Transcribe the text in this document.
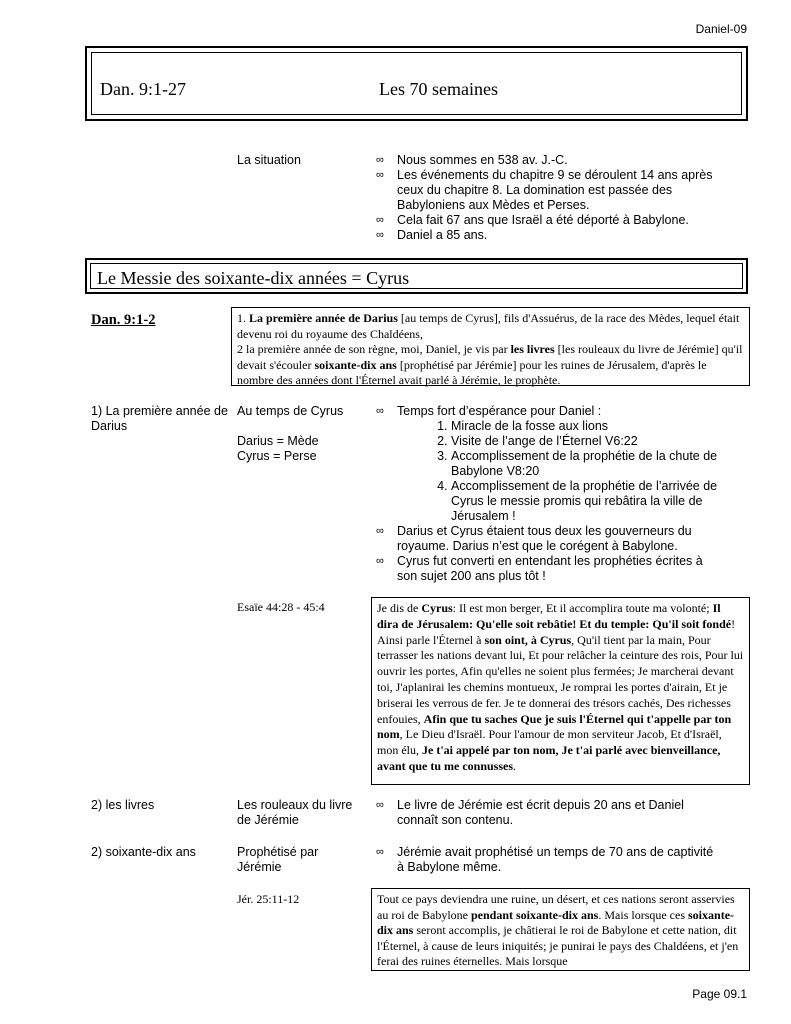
Daniel-09
Page 09.1
Dan. 9:1-27	Les 70 semaines
La situation
∞	Nous sommes en 538 av. J.-C.
∞ Les événements du chapitre 9 se déroulent 14 ans après ceux du chapitre 8. La domination est passée des Babyloniens aux Mèdes et Perses.
∞ Cela fait 67 ans que Israël a été déporté à Babylone.
∞ Daniel a 85 ans.
Le Messie des soixante-dix années = Cyrus
Dan. 9:1-2	1. La première année de Darius [au temps de Cyrus], fils d'Assuérus, de la race des Mèdes, lequel était devenu roi du royaume des Chaldéens,
2 la première année de son règne, moi, Daniel, je vis par les livres [les rouleaux du livre de Jérémie] qu'il devait s'écouler soixante-dix ans [prophétisé par Jérémie] pour les ruines de Jérusalem, d'après le nombre des années dont l'Éternel avait parlé à Jérémie, le prophète.
1) La première année de Darius
Au temps de Cyrus
Darius = Mède
Cyrus = Perse
∞ Temps fort d’espérance pour Daniel :
1. Miracle de la fosse aux lions
2. Visite de l’ange de l’Éternel V6:22
3. Accomplissement de la prophétie de la chute de Babylone V8:20
4. Accomplissement de la prophétie de l’arrivée de Cyrus le messie promis qui rebâtira la ville de Jérusalem !
∞ Darius et Cyrus étaient tous deux les gouverneurs du royaume. Darius n’est que le corégent à Babylone.
∞ Cyrus fut converti en entendant les prophéties écrites à son sujet 200 ans plus tôt !
Esaïe 44:28 - 45:4	Je dis de Cyrus: Il est mon berger, Et il accomplira toute ma volonté; Il dira de Jérusalem: Qu'elle soit rebâtie! Et du temple: Qu'il soit fondé! Ainsi parle l'Éternel à son oint, à Cyrus, Qu'il tient par la main, Pour terrasser les nations devant lui, Et pour relâcher la ceinture des rois, Pour lui ouvrir les portes, Afin qu'elles ne soient plus fermées; Je marcherai devant toi, J'aplanirai les chemins montueux, Je romprai les portes d'airain, Et je briserai les verrous de fer. Je te donnerai des trésors cachés, Des richesses enfouies, Afin que tu saches Que je suis l'Éternel qui t'appelle par ton nom, Le Dieu d'Israël. Pour l'amour de mon serviteur Jacob, Et d'Israël, mon élu, Je t'ai appelé par ton nom, Je t'ai parlé avec bienveillance, avant que tu me connusses.
2) les livres	Les rouleaux du livre de Jérémie
∞ Le livre de Jérémie est écrit depuis 20 ans et Daniel connaît son contenu.
2) soixante-dix ans	Prophétisé par Jérémie
∞ Jérémie avait prophétisé un temps de 70 ans de captivité à Babylone même.
Jér. 25:11-12	Tout ce pays deviendra une ruine, un désert, et ces nations seront asservies au roi de Babylone pendant soixante-dix ans. Mais lorsque ces soixante-dix ans seront accomplis, je châtierai le roi de Babylone et cette nation, dit l'Éternel, à cause de leurs iniquités; je punirai le pays des Chaldéens, et j'en ferai des ruines éternelles. Mais lorsque
